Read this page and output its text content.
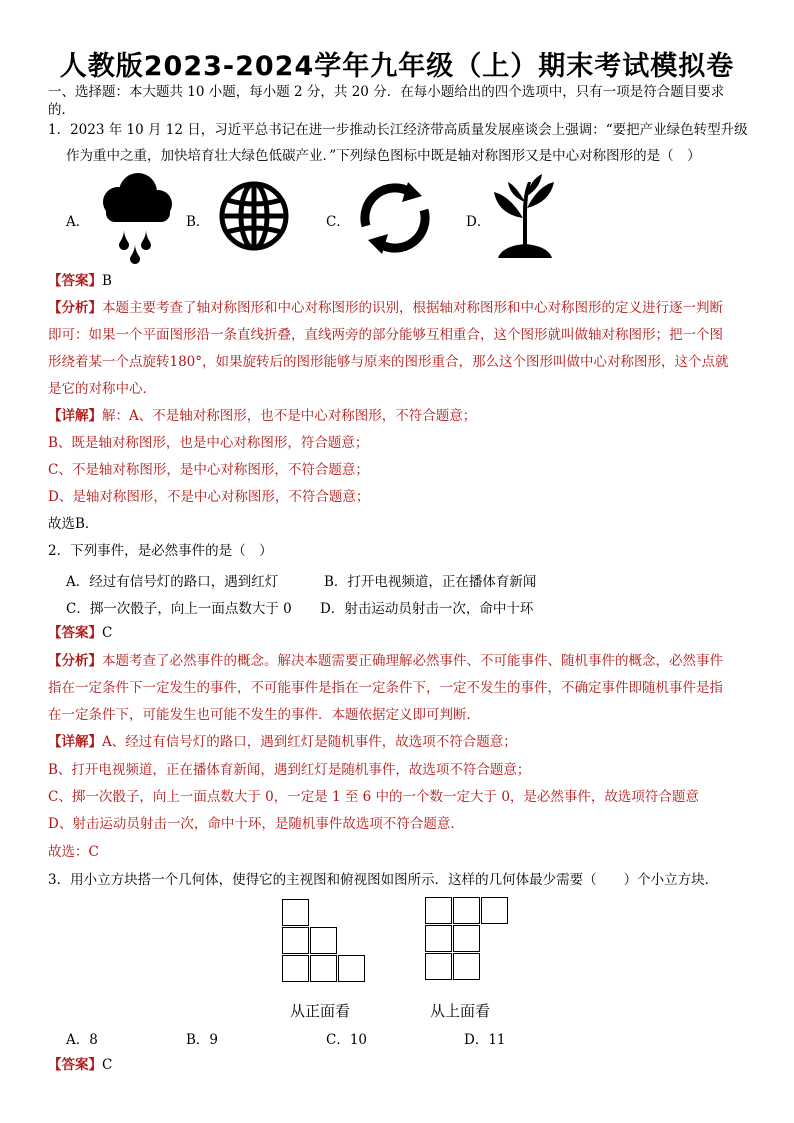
人教版2023-2024学年九年级（上）期末考试模拟卷
一、选择题：本大题共 10 小题，每小题 2 分，共 20 分．在每小题给出的四个选项中，只有一项是符合题目要求
的．
1．2023 年 10 月 12 日，习近平总书记在进一步推动长江经济带高质量发展座谈会上强调：“要把产业绿色转型升级
作为重中之重，加快培育壮大绿色低碳产业．”下列绿色图标中既是轴对称图形又是中心对称图形的是（　）
A．	B．	C．	D．
【答案】B
【分析】本题主要考查了轴对称图形和中心对称图形的识别，根据轴对称图形和中心对称图形的定义进行逐一判断
即可：如果一个平面图形沿一条直线折叠，直线两旁的部分能够互相重合，这个图形就叫做轴对称图形；把一个图
形绕着某一个点旋转180°，如果旋转后的图形能够与原来的图形重合，那么这个图形叫做中心对称图形，这个点就
是它的对称中心．
【详解】解：A、不是轴对称图形，也不是中心对称图形，不符合题意；
B、既是轴对称图形，也是中心对称图形，符合题意；
C、不是轴对称图形，是中心对称图形，不符合题意；
D、是轴对称图形，不是中心对称图形，不符合题意；
故选B．
2．下列事件，是必然事件的是（　）
A．经过有信号灯的路口，遇到红灯	B．打开电视频道，正在播体育新闻
C．掷一次骰子，向上一面点数大于 0 D．射击运动员射击一次，命中十环
【答案】C
【分析】本题考查了必然事件的概念。解决本题需要正确理解必然事件、不可能事件、随机事件的概念，必然事件
指在一定条件下一定发生的事件，不可能事件是指在一定条件下，一定不发生的事件，不确定事件即随机事件是指
在一定条件下，可能发生也可能不发生的事件．本题依据定义即可判断．
【详解】A、经过有信号灯的路口，遇到红灯是随机事件，故选项不符合题意；
B、打开电视频道，正在播体育新闻，遇到红灯是随机事件，故选项不符合题意；
C、掷一次骰子，向上一面点数大于 0，一定是 1 至 6 中的一个数一定大于 0，是必然事件，故选项符合题意
D、射击运动员射击一次，命中十环，是随机事件故选项不符合题意．
故选：C
3．用小立方块搭一个几何体，使得它的主视图和俯视图如图所示．这样的几何体最少需要（　　）个小立方块．
从正面看	从上面看
A．8	B．9	C．10	D．11
【答案】C
